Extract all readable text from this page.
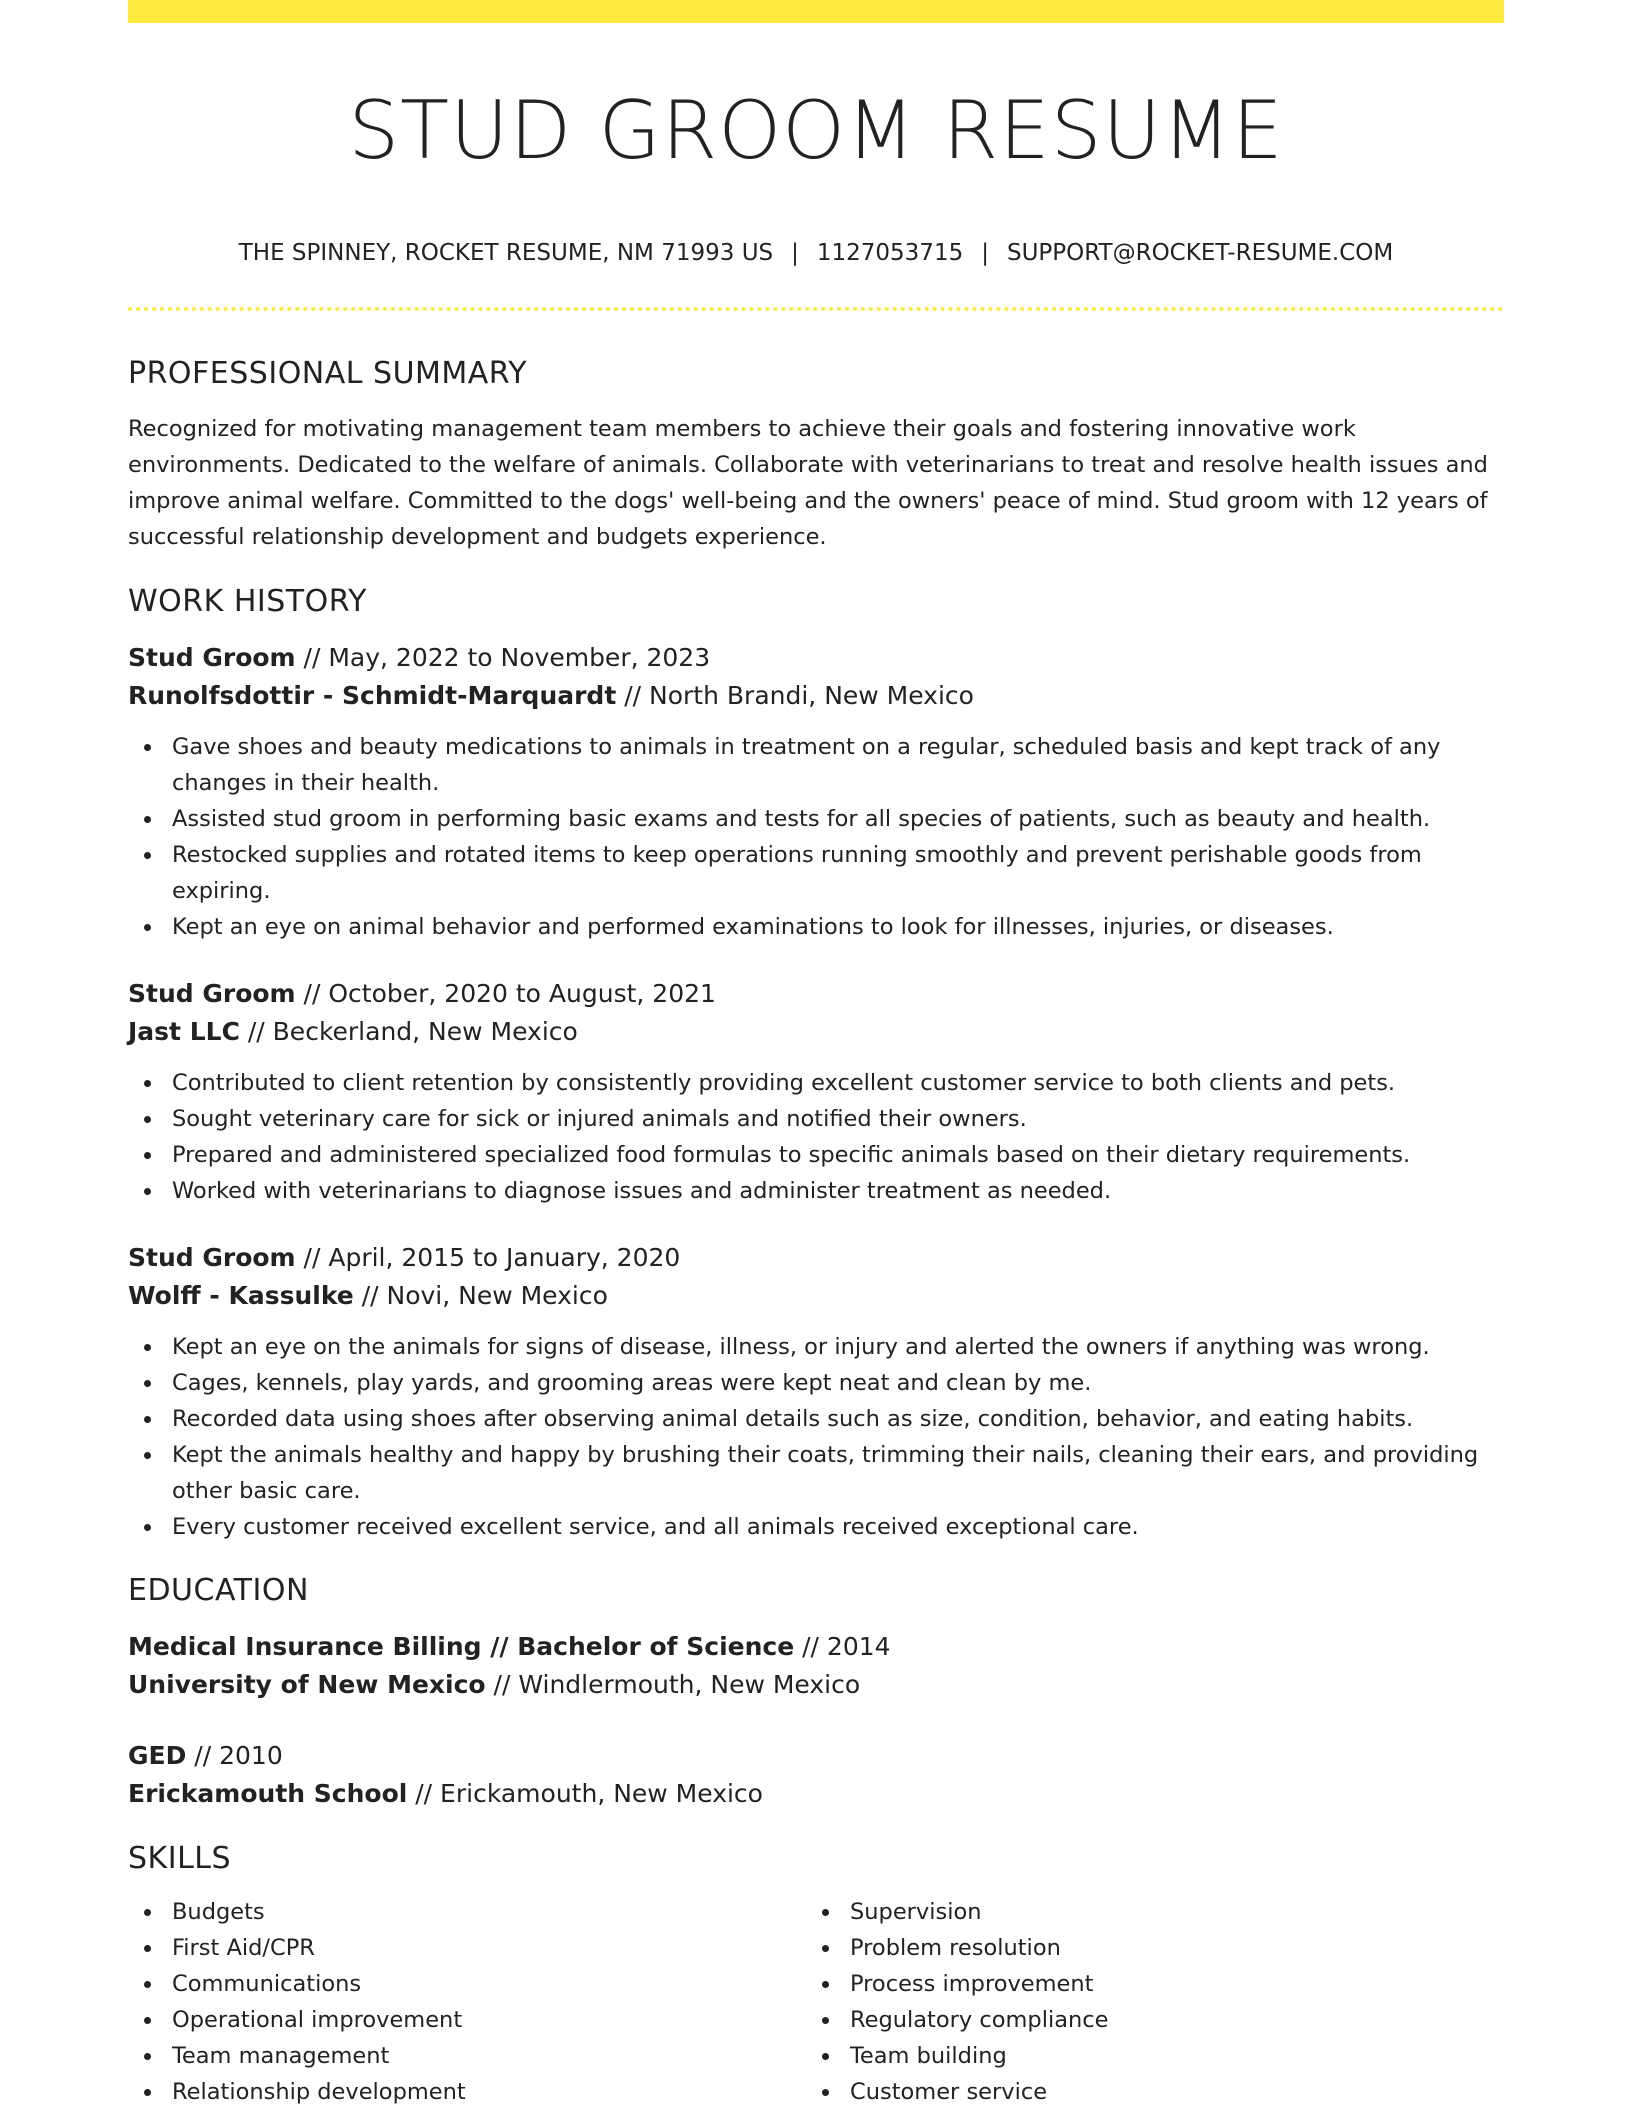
STUD GROOM RESUME
THE SPINNEY, ROCKET RESUME, NM 71993 US | 1127053715 | SUPPORT@ROCKET-RESUME.COM
PROFESSIONAL SUMMARY

Recognized for motivating management team members to achieve their goals and fostering innovative work environments. Dedicated to the welfare of animals. Collaborate with veterinarians to treat and resolve health issues and improve animal welfare. Committed to the dogs' well-being and the owners' peace of mind. Stud groom with 12 years of successful relationship development and budgets experience.

WORK HISTORY
Stud Groom // May, 2022 to November, 2023
Runolfsdottir - Schmidt-Marquardt // North Brandi, New Mexico
Gave shoes and beauty medications to animals in treatment on a regular, scheduled basis and kept track of any changes in their health.
Assisted stud groom in performing basic exams and tests for all species of patients, such as beauty and health.
Restocked supplies and rotated items to keep operations running smoothly and prevent perishable goods from expiring.
Kept an eye on animal behavior and performed examinations to look for illnesses, injuries, or diseases.
Stud Groom // October, 2020 to August, 2021
Jast LLC // Beckerland, New Mexico
Contributed to client retention by consistently providing excellent customer service to both clients and pets.
Sought veterinary care for sick or injured animals and notified their owners.
Prepared and administered specialized food formulas to specific animals based on their dietary requirements.
Worked with veterinarians to diagnose issues and administer treatment as needed.
Stud Groom // April, 2015 to January, 2020
Wolff - Kassulke // Novi, New Mexico
Kept an eye on the animals for signs of disease, illness, or injury and alerted the owners if anything was wrong.
Cages, kennels, play yards, and grooming areas were kept neat and clean by me.
Recorded data using shoes after observing animal details such as size, condition, behavior, and eating habits.
Kept the animals healthy and happy by brushing their coats, trimming their nails, cleaning their ears, and providing other basic care.
Every customer received excellent service, and all animals received exceptional care.
EDUCATION
Medical Insurance Billing // Bachelor of Science // 2014
University of New Mexico // Windlermouth, New Mexico
GED // 2010
Erickamouth School // Erickamouth, New Mexico
SKILLS
Budgets
First Aid/CPR
Communications
Operational improvement
Team management
Relationship development
Supervision
Problem resolution
Process improvement
Regulatory compliance
Team building
Customer service
